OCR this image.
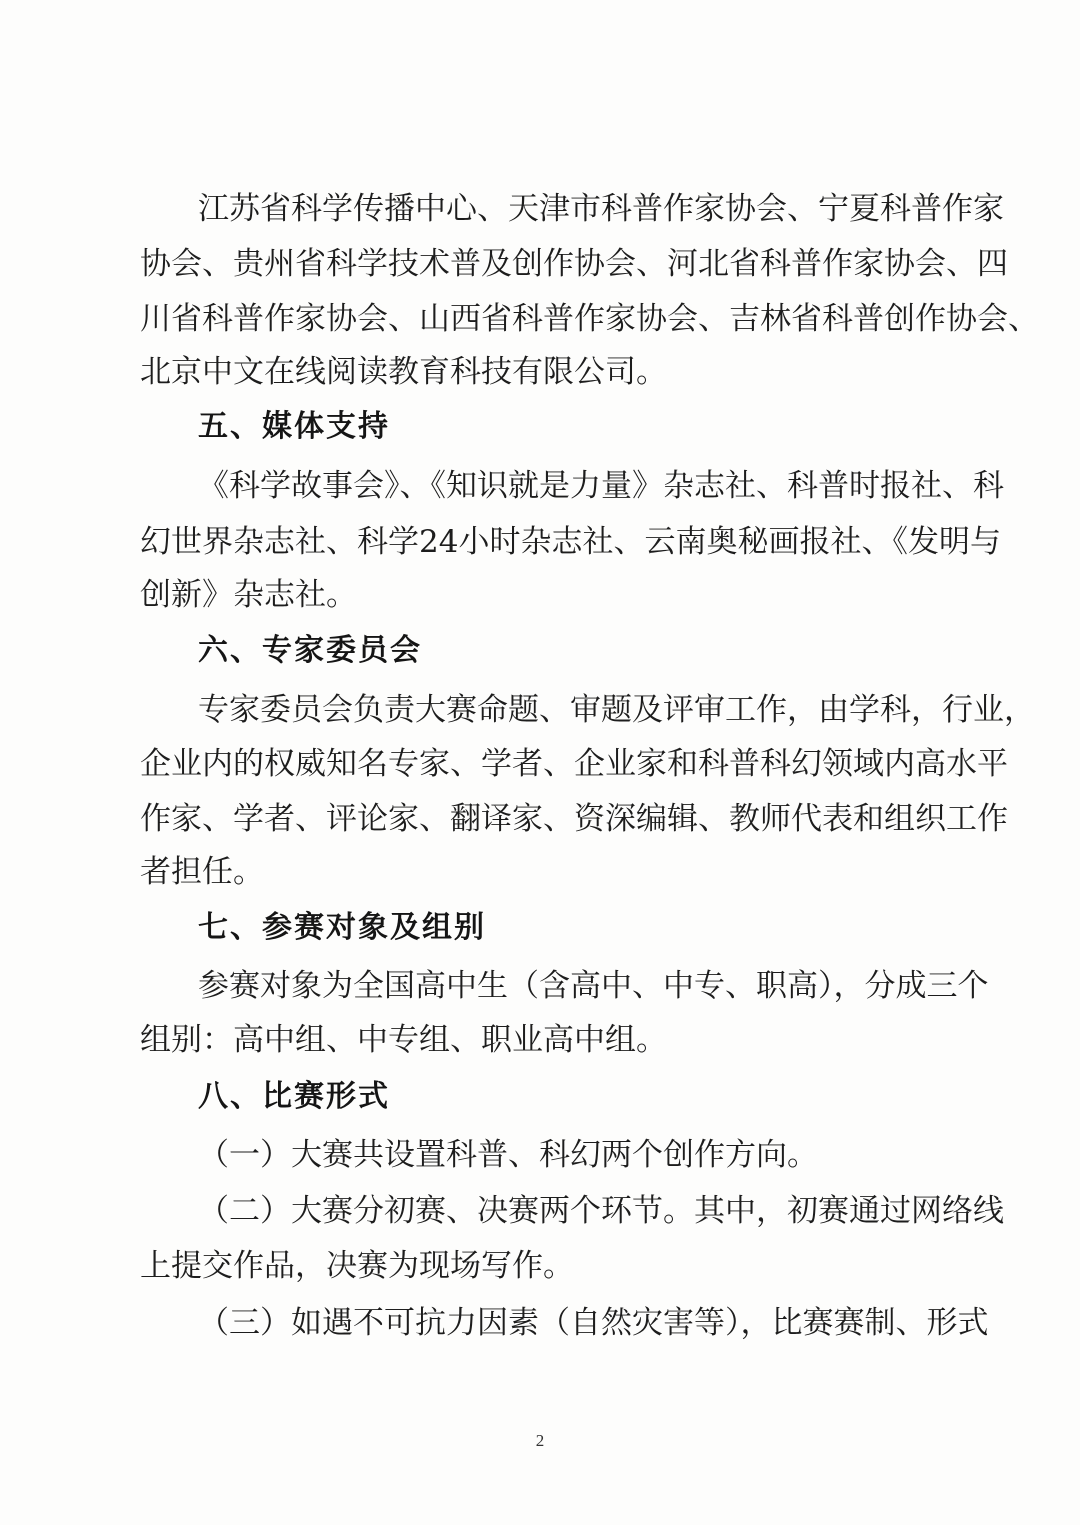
江苏省科学传播中心、天津市科普作家协会、宁夏科普作家

协会、贵州省科学技术普及创作协会、河北省科普作家协会、四

川省科普作家协会、山西省科普作家协会、吉林省科普创作协会、

北京中文在线阅读教育科技有限公司。

五、媒体支持

《科学故事会》、《知识就是力量》杂志社、科普时报社、科

幻世界杂志社、科学24小时杂志社、云南奥秘画报社、《发明与

创新》杂志社。

六、专家委员会

专家委员会负责大赛命题、审题及评审工作，由学科，行业，

企业内的权威知名专家、学者、企业家和科普科幻领域内高水平

作家、学者、评论家、翻译家、资深编辑、教师代表和组织工作

者担任。

七、参赛对象及组别

参赛对象为全国高中生（含高中、中专、职高），分成三个

组别：高中组、中专组、职业高中组。

八、比赛形式

（一）大赛共设置科普、科幻两个创作方向。

（二）大赛分初赛、决赛两个环节。其中，初赛通过网络线

上提交作品，决赛为现场写作。

（三）如遇不可抗力因素（自然灾害等），比赛赛制、形式

2
